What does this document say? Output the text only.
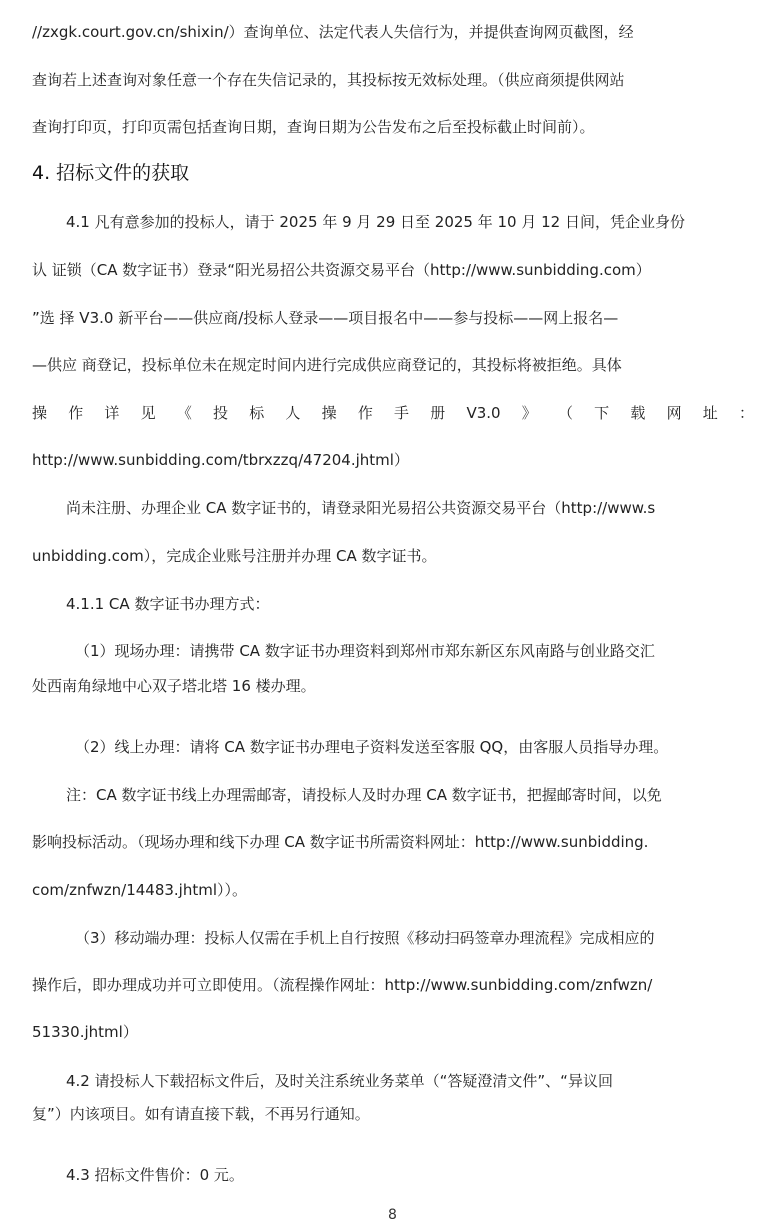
//zxgk.court.gov.cn/shixin/）查询单位、法定代表人失信行为，并提供查询网页截图，经
查询若上述查询对象任意一个存在失信记录的，其投标按无效标处理。（供应商须提供网站
查询打印页，打印页需包括查询日期，查询日期为公告发布之后至投标截止时间前）。
4. 招标文件的获取
4.1 凡有意参加的投标人，请于 2025 年 9 月 29 日至 2025 年 10 月 12 日间，凭企业身份
认 证锁（CA 数字证书）登录“阳光易招公共资源交易平台（http://www.sunbidding.com）
”选 择 V3.0 新平台——供应商/投标人登录——项目报名中——参与投标——网上报名—
—供应 商登记，投标单位未在规定时间内进行完成供应商登记的，其投标将被拒绝。具体
操 作 详 见 《 投 标 人 操 作 手 册 V3.0 》 （ 下 载 网 址 ：
http://www.sunbidding.com/tbrxzzq/47204.jhtml）
尚未注册、办理企业 CA 数字证书的，请登录阳光易招公共资源交易平台（http://www.s
unbidding.com），完成企业账号注册并办理 CA 数字证书。
4.1.1 CA 数字证书办理方式：
（1）现场办理：请携带 CA 数字证书办理资料到郑州市郑东新区东风南路与创业路交汇
处西南角绿地中心双子塔北塔 16 楼办理。
（2）线上办理：请将 CA 数字证书办理电子资料发送至客服 QQ，由客服人员指导办理。
注：CA 数字证书线上办理需邮寄，请投标人及时办理 CA 数字证书，把握邮寄时间，以免
影响投标活动。（现场办理和线下办理 CA 数字证书所需资料网址：http://www.sunbidding.
com/znfwzn/14483.jhtml））。
（3）移动端办理：投标人仅需在手机上自行按照《移动扫码签章办理流程》完成相应的
操作后，即办理成功并可立即使用。（流程操作网址：http://www.sunbidding.com/znfwzn/
51330.jhtml）
4.2 请投标人下载招标文件后，及时关注系统业务菜单（“答疑澄清文件”、“异议回
复”）内该项目。如有请直接下载，不再另行通知。
4.3 招标文件售价：0 元。
8
